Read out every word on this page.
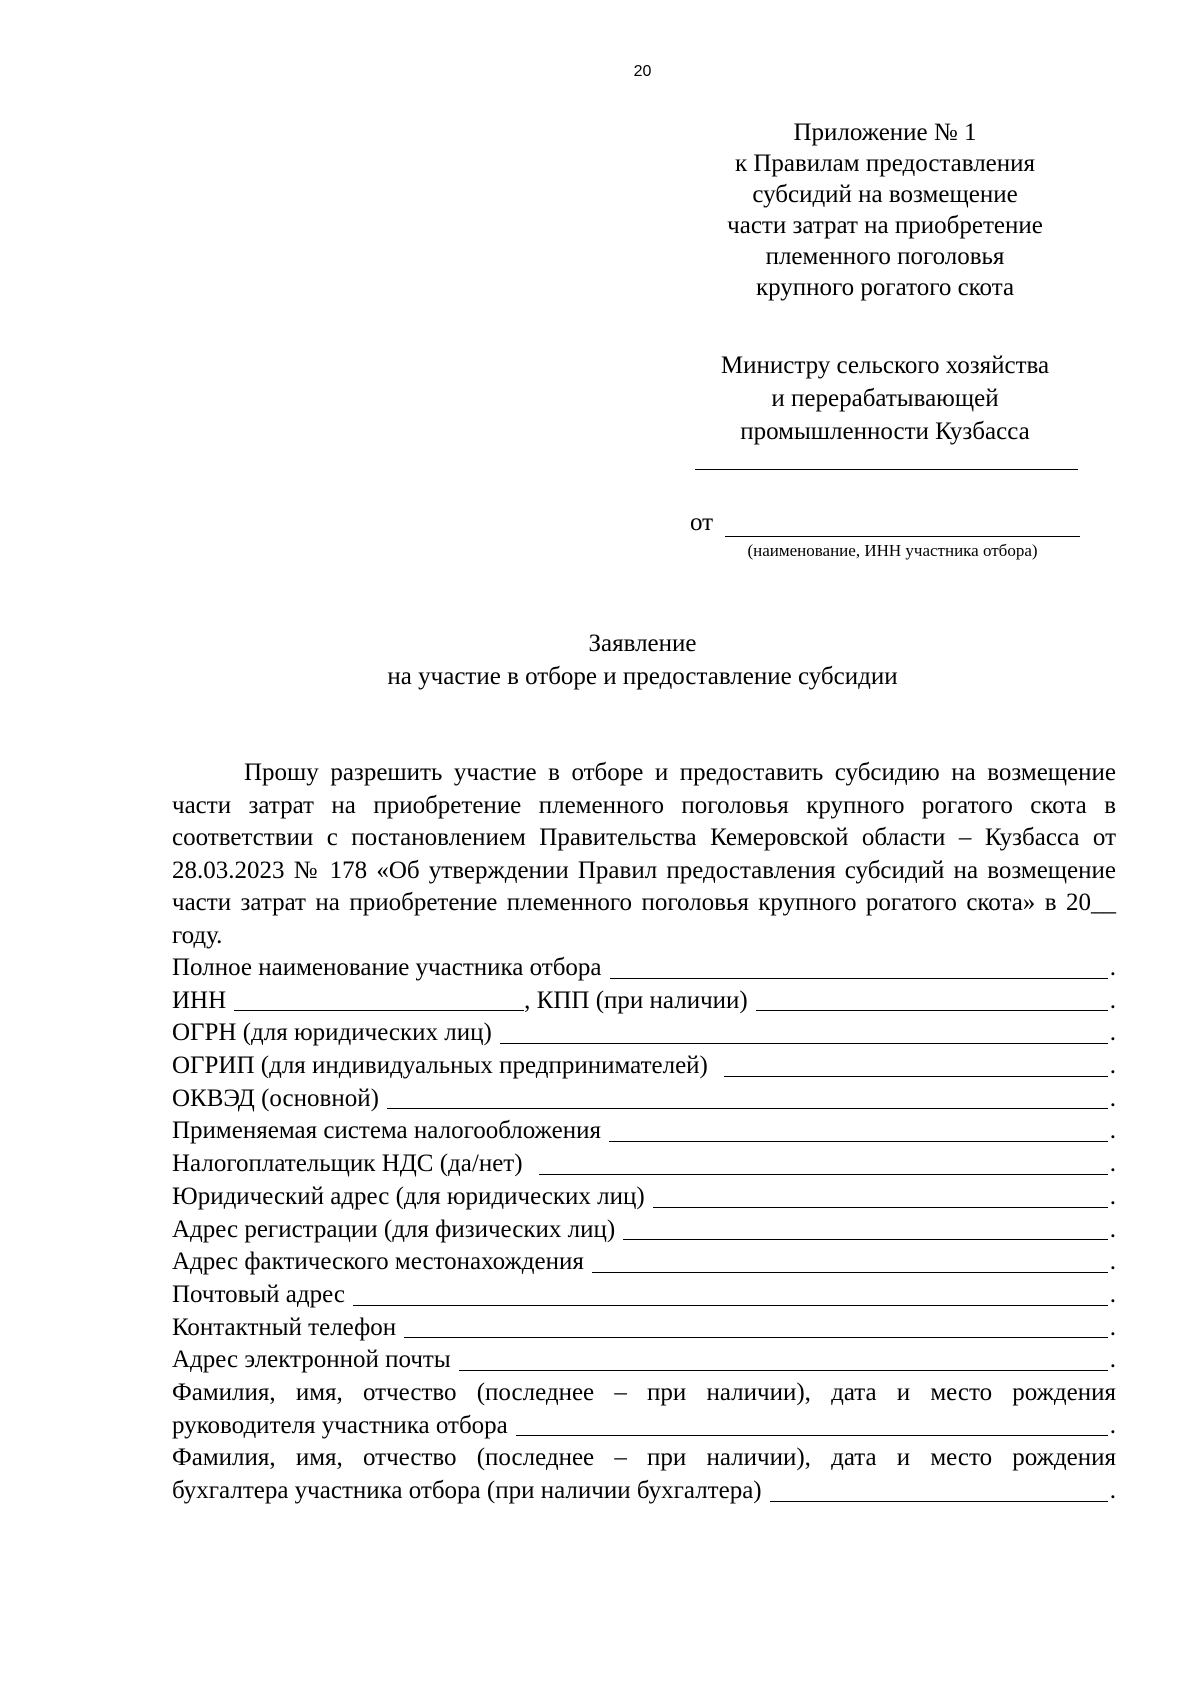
20
Приложение № 1
к Правилам предоставления
субсидий на возмещение
части затрат на приобретение
племенного поголовья
крупного рогатого скота
Министру сельского хозяйства
и перерабатывающей
промышленности Кузбасса
от
(наименование, ИНН участника отбора)
Заявление
на участие в отборе и предоставление субсидии
Прошу разрешить участие в отборе и предоставить субсидию на возмещение части затрат на приобретение племенного поголовья крупного рогатого скота в соответствии с постановлением Правительства Кемеровской области – Кузбасса от 28.03.2023 № 178 «Об утверждении Правил предоставления субсидий на возмещение части затрат на приобретение племенного поголовья крупного рогатого скота» в 20__ году.
Полное наименование участника отбора	.
ИНН	, КПП (при наличии)	.
ОГРН (для юридических лиц)	.
ОГРИП (для индивидуальных предпринимателей)	.
ОКВЭД (основной)	.
Применяемая система налогообложения	.
Налогоплательщик НДС (да/нет)	.
Юридический адрес (для юридических лиц)	.
Адрес регистрации (для физических лиц)	.
Адрес фактического местонахождения	.
Почтовый адрес	.
Контактный телефон	.
Адрес электронной почты	.
Фамилия, имя, отчество (последнее – при наличии), дата и место рождения
руководителя участника отбора	.
Фамилия, имя, отчество (последнее – при наличии), дата и место рождения
бухгалтера участника отбора (при наличии бухгалтера)	.
